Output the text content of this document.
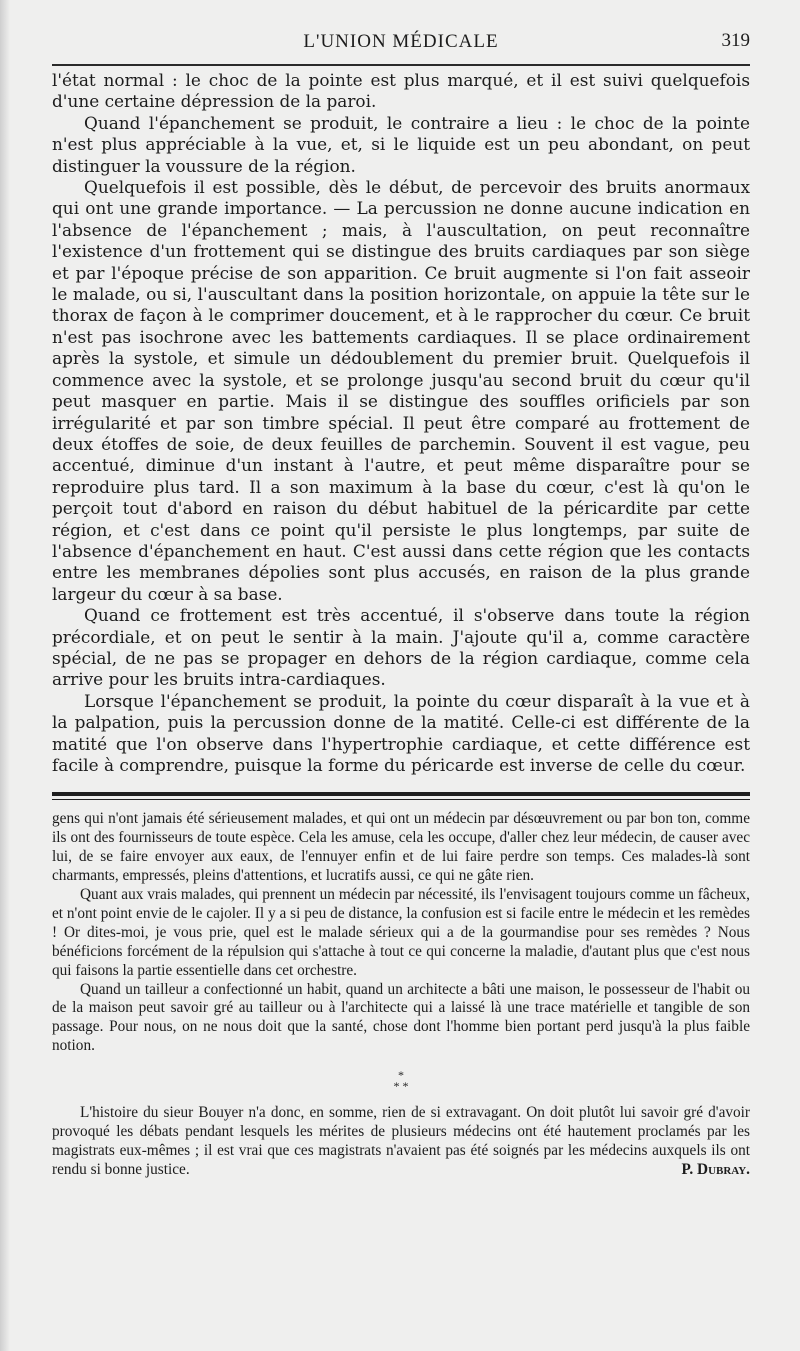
L'UNION MÉDICALE	319

l'état normal : le choc de la pointe est plus marqué, et il est suivi quelquefois d'une certaine dépression de la paroi.

Quand l'épanchement se produit, le contraire a lieu : le choc de la pointe n'est plus appréciable à la vue, et, si le liquide est un peu abondant, on peut distinguer la voussure de la région.

Quelquefois il est possible, dès le début, de percevoir des bruits anormaux qui ont une grande importance. — La percussion ne donne aucune indication en l'absence de l'épanchement ; mais, à l'auscultation, on peut reconnaître l'existence d'un frottement qui se distingue des bruits cardiaques par son siège et par l'époque précise de son apparition. Ce bruit augmente si l'on fait asseoir le malade, ou si, l'auscultant dans la position horizontale, on appuie la tête sur le thorax de façon à le comprimer doucement, et à le rapprocher du cœur. Ce bruit n'est pas isochrone avec les battements cardiaques. Il se place ordinairement après la systole, et simule un dédoublement du premier bruit. Quelquefois il commence avec la systole, et se prolonge jusqu'au second bruit du cœur qu'il peut masquer en partie. Mais il se distingue des souffles orificiels par son irrégularité et par son timbre spécial. Il peut être comparé au frottement de deux étoffes de soie, de deux feuilles de parchemin. Souvent il est vague, peu accentué, diminue d'un instant à l'autre, et peut même disparaître pour se reproduire plus tard. Il a son maximum à la base du cœur, c'est là qu'on le perçoit tout d'abord en raison du début habituel de la péricardite par cette région, et c'est dans ce point qu'il persiste le plus longtemps, par suite de l'absence d'épanchement en haut. C'est aussi dans cette région que les contacts entre les membranes dépolies sont plus accusés, en raison de la plus grande largeur du cœur à sa base.

Quand ce frottement est très accentué, il s'observe dans toute la région précordiale, et on peut le sentir à la main. J'ajoute qu'il a, comme caractère spécial, de ne pas se propager en dehors de la région cardiaque, comme cela arrive pour les bruits intra-cardiaques.

Lorsque l'épanchement se produit, la pointe du cœur disparaît à la vue et à la palpation, puis la percussion donne de la matité. Celle-ci est différente de la matité que l'on observe dans l'hypertrophie cardiaque, et cette différence est facile à comprendre, puisque la forme du péricarde est inverse de celle du cœur.

gens qui n'ont jamais été sérieusement malades, et qui ont un médecin par désœuvrement ou par bon ton, comme ils ont des fournisseurs de toute espèce. Cela les amuse, cela les occupe, d'aller chez leur médecin, de causer avec lui, de se faire envoyer aux eaux, de l'ennuyer enfin et de lui faire perdre son temps. Ces malades-là sont charmants, empressés, pleins d'attentions, et lucratifs aussi, ce qui ne gâte rien.

Quant aux vrais malades, qui prennent un médecin par nécessité, ils l'envisagent toujours comme un fâcheux, et n'ont point envie de le cajoler. Il y a si peu de distance, la confusion est si facile entre le médecin et les remèdes ! Or dites-moi, je vous prie, quel est le malade sérieux qui a de la gourmandise pour ses remèdes ? Nous bénéficions forcément de la répulsion qui s'attache à tout ce qui concerne la maladie, d'autant plus que c'est nous qui faisons la partie essentielle dans cet orchestre.

Quand un tailleur a confectionné un habit, quand un architecte a bâti une maison, le possesseur de l'habit ou de la maison peut savoir gré au tailleur ou à l'architecte qui a laissé là une trace matérielle et tangible de son passage. Pour nous, on ne nous doit que la santé, chose dont l'homme bien portant perd jusqu'à la plus faible notion.

*
* *

L'histoire du sieur Bouyer n'a donc, en somme, rien de si extravagant. On doit plutôt lui savoir gré d'avoir provoqué les débats pendant lesquels les mérites de plusieurs médecins ont été hautement proclamés par les magistrats eux-mêmes ; il est vrai que ces magistrats n'avaient pas été soignés par les médecins auxquels ils ont rendu si bonne justice.	P. Dubray.
